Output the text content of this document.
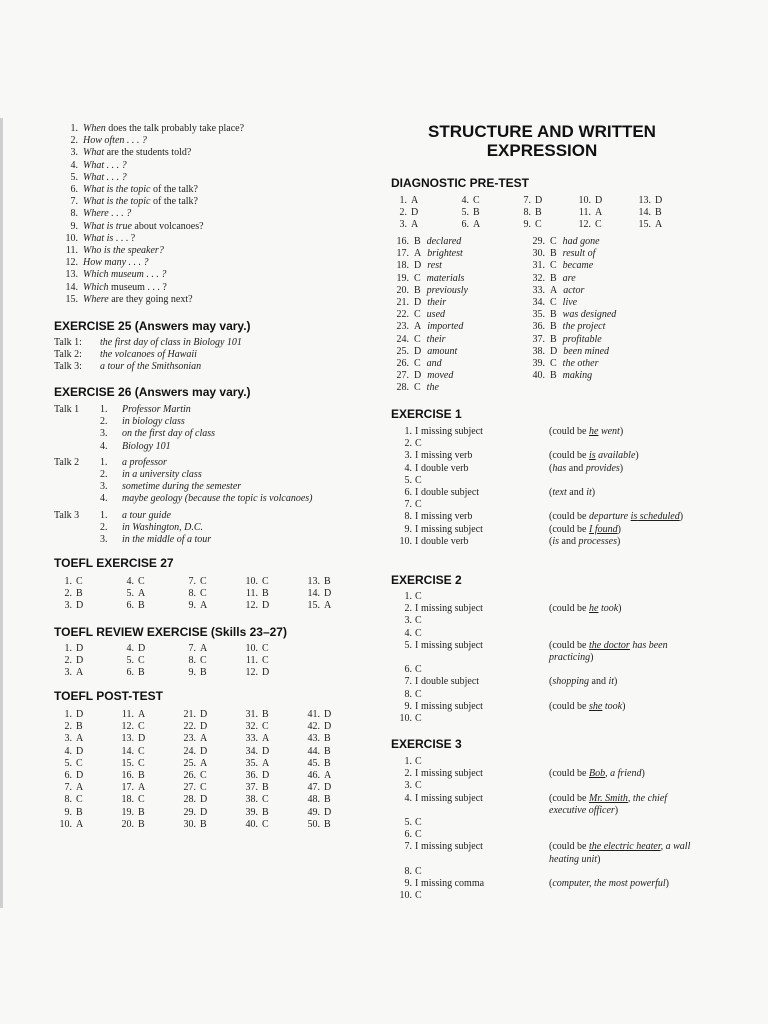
1. When does the talk probably take place?
2. How often . . . ?
3. What are the students told?
4. What . . . ?
5. What . . . ?
6. What is the topic of the talk?
7. What is the topic of the talk?
8. Where . . . ?
9. What is true about volcanoes?
10. What is . . . ?
11. Who is the speaker?
12. How many . . . ?
13. Which museum . . . ?
14. Which museum . . . ?
15. Where are they going next?
EXERCISE 25 (Answers may vary.)
Talk 1:	the first day of class in Biology 101
Talk 2:	the volcanoes of Hawaii
Talk 3:	a tour of the Smithsonian
EXERCISE 26 (Answers may vary.)
Talk 1	1.	Professor Martin
2.	in biology class
3.	on the first day of class
4.	Biology 101
Talk 2	1.	a professor
2.	in a university class
3.	sometime during the semester
4.	maybe geology (because the topic is volcanoes)
Talk 3	1.	a tour guide
2.	in Washington, D.C.
3.	in the middle of a tour
TOEFL EXERCISE 27
1. C	4. C	7. C	10. C	13. B
2. B	5. A	8. C	11. B	14. D
3. D	6. B	9. A	12. D	15. A
TOEFL REVIEW EXERCISE (Skills 23–27)
1. D	4. D	7. A	10. C
2. D	5. C	8. C	11. C
3. A	6. B	9. B	12. D
TOEFL POST-TEST
1. D	11. A	21. D	31. B	41. D
2. B	12. C	22. D	32. C	42. D
3. A	13. D	23. A	33. A	43. B
4. D	14. C	24. D	34. D	44. B
5. C	15. C	25. A	35. A	45. B
6. D	16. B	26. C	36. D	46. A
7. A	17. A	27. C	37. B	47. D
8. C	18. C	28. D	38. C	48. B
9. B	19. B	29. D	39. B	49. D
10. A	20. B	30. B	40. C	50. B
STRUCTURE AND WRITTEN
EXPRESSION
DIAGNOSTIC PRE-TEST
1. A	4. C	7. D	10. D	13. D
2. D	5. B	8. B	11. A	14. B
3. A	6. A	9. C	12. C	15. A
16. B declared
17. A brightest
18. D rest
19. C materials
20. B previously
21. D their
22. C used
23. A imported
24. C their
25. D amount
26. C and
27. D moved
28. C the
29. C had gone
30. B result of
31. C became
32. B are
33. A actor
34. C live
35. B was designed
36. B the project
37. B profitable
38. D been mined
39. C the other
40. B making
EXERCISE 1
1. I missing subject	(could be he went)
2. C
3. I missing verb	(could be is available)
4. I double verb	(has and provides)
5. C
6. I double subject	(text and it)
7. C
8. I missing verb	(could be departure is scheduled)
9. I missing subject	(could be I found)
10. I double verb	(is and processes)
EXERCISE 2
1. C
2. I missing subject	(could be he took)
3. C
4. C
5. I missing subject	(could be the doctor has been practicing)
6. C
7. I double subject	(shopping and it)
8. C
9. I missing subject	(could be she took)
10. C
EXERCISE 3
1. C
2. I missing subject	(could be Bob, a friend)
3. C
4. I missing subject	(could be Mr. Smith, the chief executive officer)
5. C
6. C
7. I missing subject	(could be the electric heater, a wall heating unit)
8. C
9. I missing comma	(computer, the most powerful)
10. C
